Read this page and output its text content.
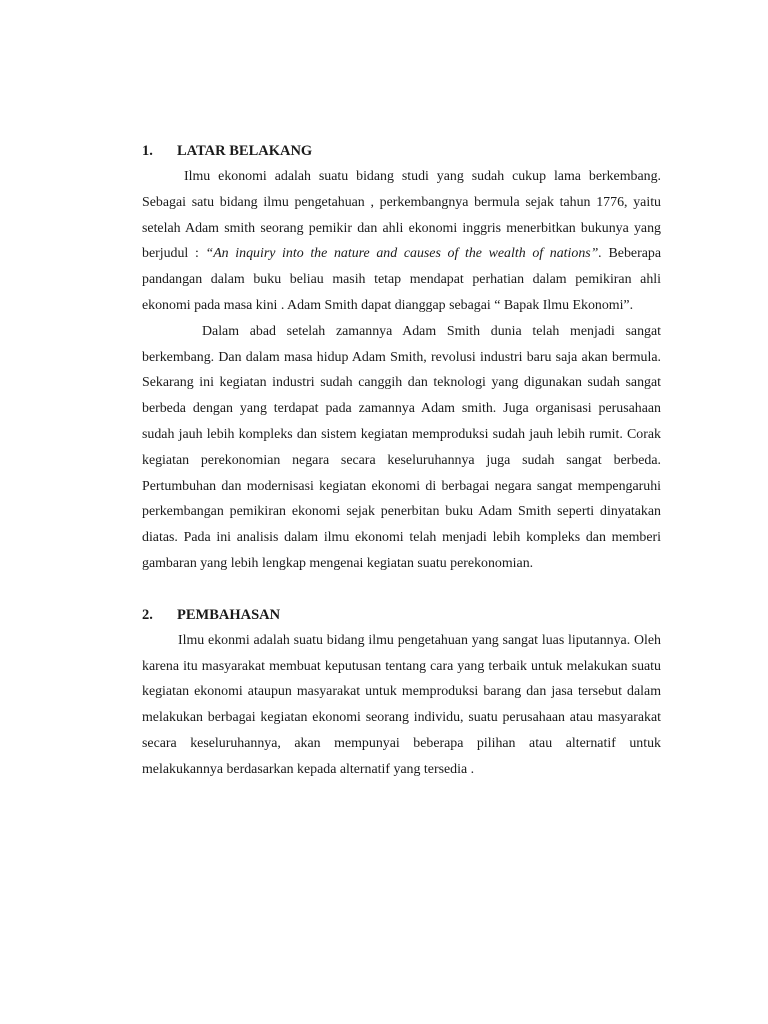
1.	LATAR BELAKANG

Ilmu ekonomi adalah suatu bidang studi yang sudah cukup lama berkembang. Sebagai satu bidang ilmu pengetahuan , perkembangnya bermula sejak tahun 1776, yaitu setelah Adam smith seorang pemikir dan ahli ekonomi inggris menerbitkan bukunya yang berjudul : “An inquiry into the nature and causes of the wealth of nations”. Beberapa pandangan dalam buku beliau masih tetap mendapat perhatian dalam pemikiran ahli ekonomi pada masa kini . Adam Smith dapat dianggap sebagai “ Bapak Ilmu Ekonomi”.

Dalam abad setelah zamannya Adam Smith dunia telah menjadi sangat berkembang. Dan dalam masa hidup Adam Smith, revolusi industri baru saja akan bermula. Sekarang ini kegiatan industri sudah canggih dan teknologi yang digunakan sudah sangat berbeda dengan yang terdapat pada zamannya Adam smith. Juga organisasi perusahaan sudah jauh lebih kompleks dan sistem kegiatan memproduksi sudah jauh lebih rumit. Corak kegiatan perekonomian negara secara keseluruhannya juga sudah sangat berbeda. Pertumbuhan dan modernisasi kegiatan ekonomi di berbagai negara sangat mempengaruhi perkembangan pemikiran ekonomi sejak penerbitan buku Adam Smith seperti dinyatakan diatas. Pada ini analisis dalam ilmu ekonomi telah menjadi lebih kompleks dan memberi gambaran yang lebih lengkap mengenai kegiatan suatu perekonomian.

2.	PEMBAHASAN

Ilmu ekonmi adalah suatu bidang ilmu pengetahuan yang sangat luas liputannya. Oleh karena itu masyarakat membuat keputusan tentang cara yang terbaik untuk melakukan suatu kegiatan ekonomi ataupun masyarakat untuk memproduksi barang dan jasa tersebut dalam melakukan berbagai kegiatan ekonomi seorang individu, suatu perusahaan atau masyarakat secara keseluruhannya, akan mempunyai beberapa pilihan atau alternatif untuk melakukannya berdasarkan kepada alternatif yang tersedia .
